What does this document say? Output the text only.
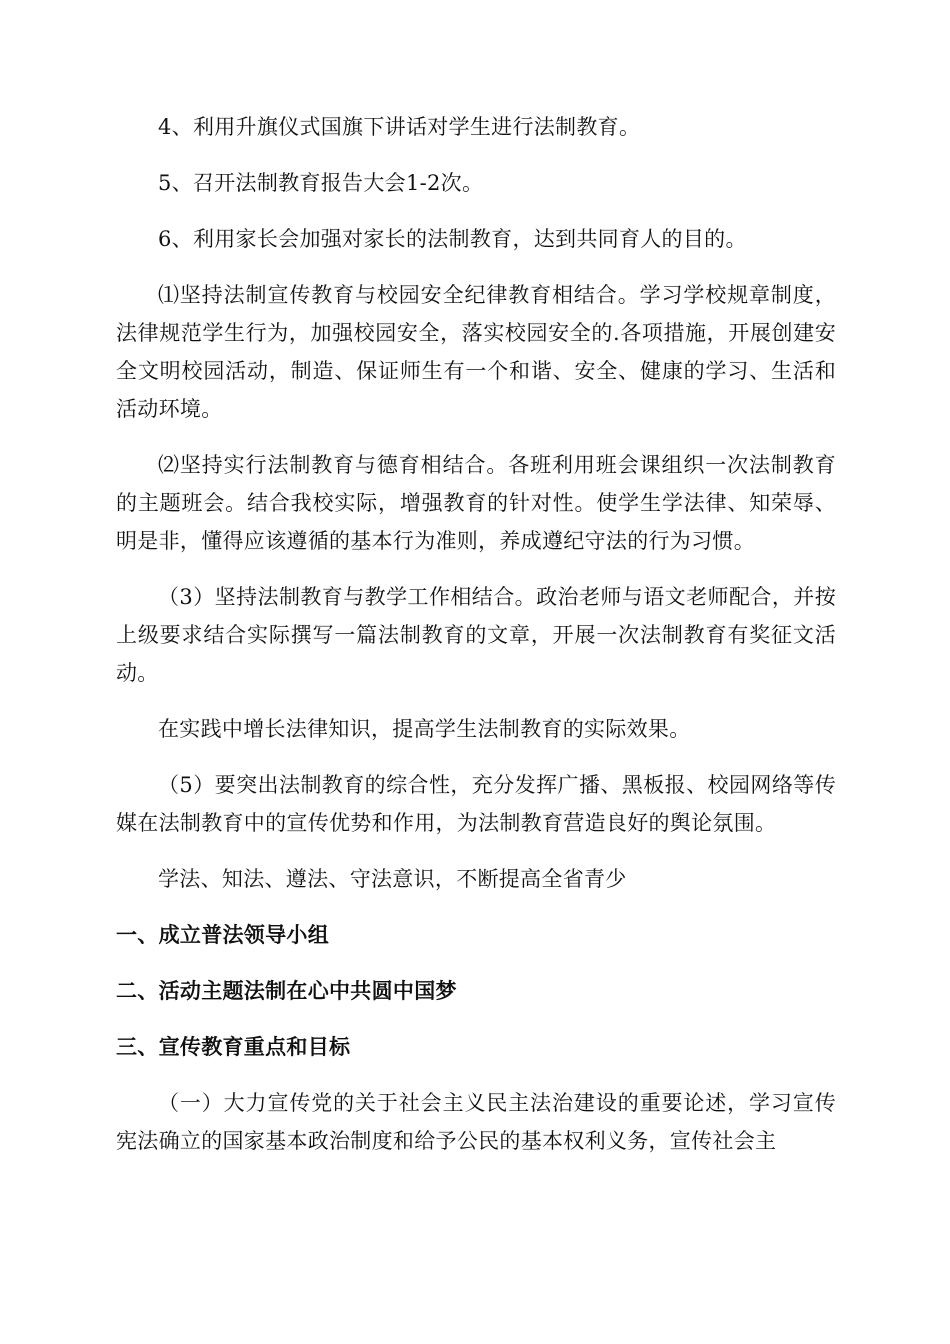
4、利用升旗仪式国旗下讲话对学生进行法制教育。

5、召开法制教育报告大会1-2次。

6、利用家长会加强对家长的法制教育，达到共同育人的目的。

⑴坚持法制宣传教育与校园安全纪律教育相结合。学习学校规章制度，法律规范学生行为，加强校园安全，落实校园安全的.各项措施，开展创建安全文明校园活动，制造、保证师生有一个和谐、安全、健康的学习、生活和活动环境。

⑵坚持实行法制教育与德育相结合。各班利用班会课组织一次法制教育的主题班会。结合我校实际，增强教育的针对性。使学生学法律、知荣辱、明是非，懂得应该遵循的基本行为准则，养成遵纪守法的行为习惯。

（3）坚持法制教育与教学工作相结合。政治老师与语文老师配合，并按上级要求结合实际撰写一篇法制教育的文章，开展一次法制教育有奖征文活动。

在实践中增长法律知识，提高学生法制教育的实际效果。

（5）要突出法制教育的综合性，充分发挥广播、黑板报、校园网络等传媒在法制教育中的宣传优势和作用，为法制教育营造良好的舆论氛围。

学法、知法、遵法、守法意识，不断提高全省青少

一、成立普法领导小组

二、活动主题法制在心中共圆中国梦

三、宣传教育重点和目标

（一）大力宣传党的关于社会主义民主法治建设的重要论述，学习宣传宪法确立的国家基本政治制度和给予公民的基本权利义务，宣传社会主
